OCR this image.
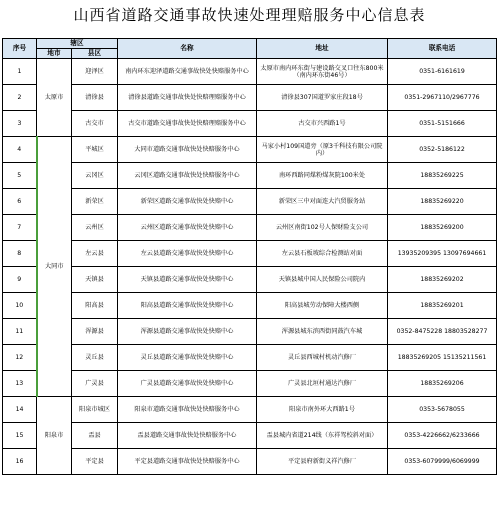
山西省道路交通事故快速处理理赔服务中心信息表
序号	辖区		名称	地址	联系电话
	地市	县区			
1	太原市	迎泽区	南内环东迎泽道路交通事故快处快赔服务中心	太原市南内环东街与建设路交叉口往东800米（南内环东街46号）	0351-6161619
2		清徐县	清徐县道路交通事故快处快赔理赔服务中心	清徐县307国道罗家庄段18号	0351-2967110/2967776
3		古交市	古交市道路交通事故快处快赔理赔服务中心	古交市兴西路1号	0351-5151666
4	大同市	平城区	大同市道路交通事故快处快赔服务中心	马家小村109国道旁（原3千科技有限公司院内）	0352-5186122
5		云冈区	云冈区道路交通事故快处快赔服务中心	南环西路同煤粉煤灰院100米处	18835269225
6		新荣区	新荣区道路交通事故快处快赔中心	新荣区三中对面连大汽贸服务站	18835269220
7		云州区	云州区道路交通事故快处快赔中心	云州区南街102号人保财险支公司	18835269200
8		左云县	左云县道路交通事故快处快赔中心	左云县石板坡综合检测站对面	13935209395 13097694661
9		天镇县	天镇县道路交通事故快处快赔中心	天镇县城中国人民保险公司院内	18835269202
10		阳高县	阳高县道路交通事故快处快赔中心	阳高县城劳动保障大楼西侧	18835269201
11		浑源县	浑源县道路交通事故快处快赔中心	浑源县城东滨西街同鼓汽车城	0352-8475228 18803528277
12		灵丘县	灵丘县道路交通事故快处快赔中心	灵丘县西城村机动汽修厂	18835269205 15135211561
13		广灵县	广灵县道路交通事故快处快赔中心	广灵县北垣村通达汽修厂	18835269206
14	阳泉市	阳泉市城区	阳泉市道路交通事故快处快赔服务中心	阳泉市南外环大西路1号	0353-5678055
15		盂县	盂县道路交通事故快处快赔服务中心	盂县城内省道214线（东祥驾校斜对面）	0353-4226662/6233666
16		平定县	平定县道路交通事故快处快赔服务中心	平定县府新街义祥汽修厂	0353-6079999/6069999
